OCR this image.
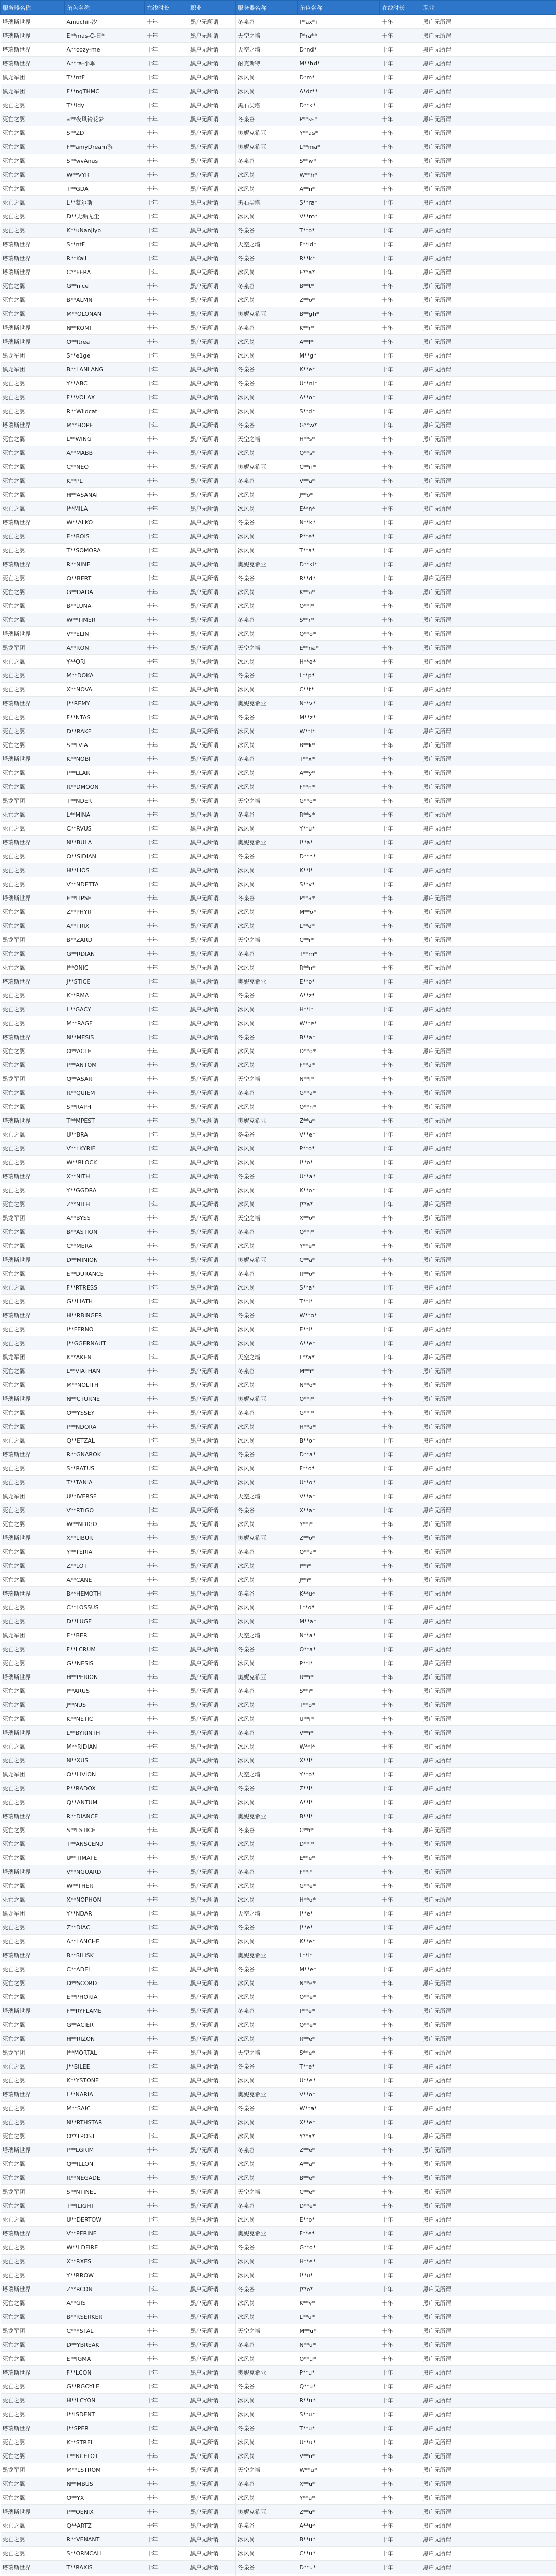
服务器名称	角色名称	在线时长	职业	服务器名称	角色名称	在线时长	职业
塔瑞斯世界	Amuchii-汐	十年	黑户无所谓	冬泉谷	P*ax*i	十年	黑户无所谓
塔瑞斯世界	E**mas-C-日*	十年	黑户无所谓	天空之墙	P*ra**	十年	黑户无所谓
塔瑞斯世界	A**cozy-me	十年	黑户无所谓	天空之墙	D*nd*	十年	黑户无所谓
塔瑞斯世界	A**ra-小乖	十年	黑户无所谓	耐克斯特	M**hd*	十年	黑户无所谓
黑龙军团	T**ntF	十年	黑户无所谓	冰风岗	D*m*	十年	黑户无所谓
黑龙军团	F**ngTHMC	十年	黑户无所谓	冰风岗	A*dr**	十年	黑户无所谓
死亡之翼	T**idy	十年	黑户无所谓	黑石尖塔	D**k*	十年	黑户无所谓
死亡之翼	a**夜风铃花梦	十年	黑户无所谓	冬泉谷	P**ss*	十年	黑户无所谓
死亡之翼	S**ZD	十年	黑户无所谓	奥妮克希亚	Y**as*	十年	黑户无所谓
死亡之翼	F**amyDream游	十年	黑户无所谓	奥妮克希亚	L**ma*	十年	黑户无所谓
死亡之翼	S**wvAnus	十年	黑户无所谓	冬泉谷	S**w*	十年	黑户无所谓
死亡之翼	W**VYR	十年	黑户无所谓	冰风岗	W**h*	十年	黑户无所谓
死亡之翼	T**GDA	十年	黑户无所谓	冰风岗	A**n*	十年	黑户无所谓
死亡之翼	L**蒙尔斯	十年	黑户无所谓	黑石尖塔	S**ra*	十年	黑户无所谓
死亡之翼	D**无垢无尘	十年	黑户无所谓	冰风岗	V**ro*	十年	黑户无所谓
死亡之翼	K**uNanJiyo	十年	黑户无所谓	冬泉谷	T**o*	十年	黑户无所谓
塔瑞斯世界	S**ntF	十年	黑户无所谓	天空之墙	F**ld*	十年	黑户无所谓
塔瑞斯世界	R**Kali	十年	黑户无所谓	冬泉谷	R**k*	十年	黑户无所谓
塔瑞斯世界	C**FERA	十年	黑户无所谓	冰风岗	E**a*	十年	黑户无所谓
死亡之翼	G**nice	十年	黑户无所谓	冬泉谷	B**t*	十年	黑户无所谓
死亡之翼	B**ALMN	十年	黑户无所谓	冰风岗	Z**o*	十年	黑户无所谓
死亡之翼	M**OLONAN	十年	黑户无所谓	奥妮克希亚	B**gh*	十年	黑户无所谓
塔瑞斯世界	N**KOMI	十年	黑户无所谓	冬泉谷	K**r*	十年	黑户无所谓
塔瑞斯世界	O**ltrea	十年	黑户无所谓	冰风岗	A**l*	十年	黑户无所谓
黑龙军团	S**e1ge	十年	黑户无所谓	冰风岗	M**g*	十年	黑户无所谓
黑龙军团	B**LANLANG	十年	黑户无所谓	冬泉谷	K**e*	十年	黑户无所谓
死亡之翼	Y**ABC	十年	黑户无所谓	冬泉谷	U**ni*	十年	黑户无所谓
死亡之翼	F**VOLAX	十年	黑户无所谓	冰风岗	A**o*	十年	黑户无所谓
死亡之翼	R**Wildcat	十年	黑户无所谓	冰风岗	S**d*	十年	黑户无所谓
塔瑞斯世界	M**HOPE	十年	黑户无所谓	冬泉谷	G**w*	十年	黑户无所谓
死亡之翼	L**WING	十年	黑户无所谓	天空之墙	H**s*	十年	黑户无所谓
死亡之翼	A**MABB	十年	黑户无所谓	冰风岗	Q**s*	十年	黑户无所谓
死亡之翼	C**NEO	十年	黑户无所谓	奥妮克希亚	C**ri*	十年	黑户无所谓
死亡之翼	K**PL	十年	黑户无所谓	冬泉谷	V**a*	十年	黑户无所谓
死亡之翼	H**ASANAI	十年	黑户无所谓	冰风岗	J**o*	十年	黑户无所谓
死亡之翼	I**MILA	十年	黑户无所谓	冰风岗	E**n*	十年	黑户无所谓
塔瑞斯世界	W**ALKO	十年	黑户无所谓	冬泉谷	N**k*	十年	黑户无所谓
死亡之翼	E**BOIS	十年	黑户无所谓	冰风岗	P**e*	十年	黑户无所谓
死亡之翼	T**SOMORA	十年	黑户无所谓	冰风岗	T**a*	十年	黑户无所谓
塔瑞斯世界	R**NINE	十年	黑户无所谓	奥妮克希亚	D**ki*	十年	黑户无所谓
死亡之翼	O**BERT	十年	黑户无所谓	冬泉谷	R**d*	十年	黑户无所谓
死亡之翼	G**DADA	十年	黑户无所谓	冰风岗	K**a*	十年	黑户无所谓
死亡之翼	B**LUNA	十年	黑户无所谓	冰风岗	O**l*	十年	黑户无所谓
死亡之翼	W**TIMER	十年	黑户无所谓	冬泉谷	S**r*	十年	黑户无所谓
塔瑞斯世界	V**ELIN	十年	黑户无所谓	冰风岗	Q**o*	十年	黑户无所谓
黑龙军团	A**RON	十年	黑户无所谓	天空之墙	E**na*	十年	黑户无所谓
死亡之翼	Y**ORI	十年	黑户无所谓	冰风岗	H**e*	十年	黑户无所谓
死亡之翼	M**DOKA	十年	黑户无所谓	冬泉谷	L**p*	十年	黑户无所谓
死亡之翼	X**NOVA	十年	黑户无所谓	冰风岗	C**t*	十年	黑户无所谓
塔瑞斯世界	J**REMY	十年	黑户无所谓	奥妮克希亚	N**v*	十年	黑户无所谓
死亡之翼	F**NTAS	十年	黑户无所谓	冬泉谷	M**z*	十年	黑户无所谓
死亡之翼	D**RAKE	十年	黑户无所谓	冰风岗	W**l*	十年	黑户无所谓
死亡之翼	S**LVIA	十年	黑户无所谓	冰风岗	B**k*	十年	黑户无所谓
塔瑞斯世界	K**NOBI	十年	黑户无所谓	冬泉谷	T**x*	十年	黑户无所谓
死亡之翼	P**LLAR	十年	黑户无所谓	冰风岗	A**y*	十年	黑户无所谓
死亡之翼	R**DMOON	十年	黑户无所谓	冰风岗	F**n*	十年	黑户无所谓
黑龙军团	T**NDER	十年	黑户无所谓	天空之墙	G**o*	十年	黑户无所谓
死亡之翼	L**MINA	十年	黑户无所谓	冬泉谷	R**s*	十年	黑户无所谓
死亡之翼	C**RVUS	十年	黑户无所谓	冰风岗	Y**u*	十年	黑户无所谓
塔瑞斯世界	N**BULA	十年	黑户无所谓	奥妮克希亚	I**a*	十年	黑户无所谓
死亡之翼	O**SIDIAN	十年	黑户无所谓	冬泉谷	D**n*	十年	黑户无所谓
死亡之翼	H**LIOS	十年	黑户无所谓	冰风岗	K**i*	十年	黑户无所谓
死亡之翼	V**NDETTA	十年	黑户无所谓	冰风岗	S**v*	十年	黑户无所谓
塔瑞斯世界	E**LIPSE	十年	黑户无所谓	冬泉谷	P**a*	十年	黑户无所谓
死亡之翼	Z**PHYR	十年	黑户无所谓	冰风岗	M**o*	十年	黑户无所谓
死亡之翼	A**TRIX	十年	黑户无所谓	冰风岗	L**e*	十年	黑户无所谓
黑龙军团	B**ZARD	十年	黑户无所谓	天空之墙	C**r*	十年	黑户无所谓
死亡之翼	G**RDIAN	十年	黑户无所谓	冬泉谷	T**m*	十年	黑户无所谓
死亡之翼	I**ONIC	十年	黑户无所谓	冰风岗	R**n*	十年	黑户无所谓
塔瑞斯世界	J**STICE	十年	黑户无所谓	奥妮克希亚	E**o*	十年	黑户无所谓
死亡之翼	K**RMA	十年	黑户无所谓	冬泉谷	A**z*	十年	黑户无所谓
死亡之翼	L**GACY	十年	黑户无所谓	冰风岗	H**i*	十年	黑户无所谓
死亡之翼	M**RAGE	十年	黑户无所谓	冰风岗	W**e*	十年	黑户无所谓
塔瑞斯世界	N**MESIS	十年	黑户无所谓	冬泉谷	B**a*	十年	黑户无所谓
死亡之翼	O**ACLE	十年	黑户无所谓	冰风岗	D**o*	十年	黑户无所谓
死亡之翼	P**ANTOM	十年	黑户无所谓	冰风岗	F**a*	十年	黑户无所谓
黑龙军团	Q**ASAR	十年	黑户无所谓	天空之墙	N**i*	十年	黑户无所谓
死亡之翼	R**QUIEM	十年	黑户无所谓	冬泉谷	G**a*	十年	黑户无所谓
死亡之翼	S**RAPH	十年	黑户无所谓	冰风岗	O**n*	十年	黑户无所谓
塔瑞斯世界	T**MPEST	十年	黑户无所谓	奥妮克希亚	Z**a*	十年	黑户无所谓
死亡之翼	U**BRA	十年	黑户无所谓	冬泉谷	V**e*	十年	黑户无所谓
死亡之翼	V**LKYRIE	十年	黑户无所谓	冰风岗	P**o*	十年	黑户无所谓
死亡之翼	W**RLOCK	十年	黑户无所谓	冰风岗	I**o*	十年	黑户无所谓
塔瑞斯世界	X**NITH	十年	黑户无所谓	冬泉谷	U**a*	十年	黑户无所谓
死亡之翼	Y**GGDRA	十年	黑户无所谓	冰风岗	K**o*	十年	黑户无所谓
死亡之翼	Z**NITH	十年	黑户无所谓	冰风岗	J**a*	十年	黑户无所谓
黑龙军团	A**BYSS	十年	黑户无所谓	天空之墙	X**o*	十年	黑户无所谓
死亡之翼	B**ASTION	十年	黑户无所谓	冬泉谷	Q**i*	十年	黑户无所谓
死亡之翼	C**MERA	十年	黑户无所谓	冰风岗	Y**e*	十年	黑户无所谓
塔瑞斯世界	D**MINION	十年	黑户无所谓	奥妮克希亚	C**a*	十年	黑户无所谓
死亡之翼	E**DURANCE	十年	黑户无所谓	冬泉谷	R**o*	十年	黑户无所谓
死亡之翼	F**RTRESS	十年	黑户无所谓	冰风岗	S**a*	十年	黑户无所谓
死亡之翼	G**LIATH	十年	黑户无所谓	冰风岗	T**i*	十年	黑户无所谓
塔瑞斯世界	H**RBINGER	十年	黑户无所谓	冬泉谷	W**o*	十年	黑户无所谓
死亡之翼	I**FERNO	十年	黑户无所谓	冰风岗	E**i*	十年	黑户无所谓
死亡之翼	J**GGERNAUT	十年	黑户无所谓	冰风岗	A**e*	十年	黑户无所谓
黑龙军团	K**AKEN	十年	黑户无所谓	天空之墙	L**a*	十年	黑户无所谓
死亡之翼	L**VIATHAN	十年	黑户无所谓	冬泉谷	M**i*	十年	黑户无所谓
死亡之翼	M**NOLITH	十年	黑户无所谓	冰风岗	N**o*	十年	黑户无所谓
塔瑞斯世界	N**CTURNE	十年	黑户无所谓	奥妮克希亚	O**i*	十年	黑户无所谓
死亡之翼	O**YSSEY	十年	黑户无所谓	冬泉谷	G**i*	十年	黑户无所谓
死亡之翼	P**NDORA	十年	黑户无所谓	冰风岗	H**a*	十年	黑户无所谓
死亡之翼	Q**ETZAL	十年	黑户无所谓	冰风岗	B**o*	十年	黑户无所谓
塔瑞斯世界	R**GNAROK	十年	黑户无所谓	冬泉谷	D**a*	十年	黑户无所谓
死亡之翼	S**RATUS	十年	黑户无所谓	冰风岗	F**o*	十年	黑户无所谓
死亡之翼	T**TANIA	十年	黑户无所谓	冰风岗	U**o*	十年	黑户无所谓
黑龙军团	U**IVERSE	十年	黑户无所谓	天空之墙	V**a*	十年	黑户无所谓
死亡之翼	V**RTIGO	十年	黑户无所谓	冬泉谷	X**a*	十年	黑户无所谓
死亡之翼	W**NDIGO	十年	黑户无所谓	冰风岗	Y**i*	十年	黑户无所谓
塔瑞斯世界	X**LIBUR	十年	黑户无所谓	奥妮克希亚	Z**o*	十年	黑户无所谓
死亡之翼	Y**TERIA	十年	黑户无所谓	冬泉谷	Q**a*	十年	黑户无所谓
死亡之翼	Z**LOT	十年	黑户无所谓	冰风岗	I**i*	十年	黑户无所谓
死亡之翼	A**CANE	十年	黑户无所谓	冰风岗	J**i*	十年	黑户无所谓
塔瑞斯世界	B**HEMOTH	十年	黑户无所谓	冬泉谷	K**u*	十年	黑户无所谓
死亡之翼	C**LOSSUS	十年	黑户无所谓	冰风岗	L**o*	十年	黑户无所谓
死亡之翼	D**LUGE	十年	黑户无所谓	冰风岗	M**a*	十年	黑户无所谓
黑龙军团	E**BER	十年	黑户无所谓	天空之墙	N**a*	十年	黑户无所谓
死亡之翼	F**LCRUM	十年	黑户无所谓	冬泉谷	O**a*	十年	黑户无所谓
死亡之翼	G**NESIS	十年	黑户无所谓	冰风岗	P**i*	十年	黑户无所谓
塔瑞斯世界	H**PERION	十年	黑户无所谓	奥妮克希亚	R**i*	十年	黑户无所谓
死亡之翼	I**ARUS	十年	黑户无所谓	冬泉谷	S**i*	十年	黑户无所谓
死亡之翼	J**NUS	十年	黑户无所谓	冰风岗	T**o*	十年	黑户无所谓
死亡之翼	K**NETIC	十年	黑户无所谓	冰风岗	U**i*	十年	黑户无所谓
塔瑞斯世界	L**BYRINTH	十年	黑户无所谓	冬泉谷	V**i*	十年	黑户无所谓
死亡之翼	M**RIDIAN	十年	黑户无所谓	冰风岗	W**i*	十年	黑户无所谓
死亡之翼	N**XUS	十年	黑户无所谓	冰风岗	X**i*	十年	黑户无所谓
黑龙军团	O**LIVION	十年	黑户无所谓	天空之墙	Y**o*	十年	黑户无所谓
死亡之翼	P**RADOX	十年	黑户无所谓	冬泉谷	Z**i*	十年	黑户无所谓
死亡之翼	Q**ANTUM	十年	黑户无所谓	冰风岗	A**i*	十年	黑户无所谓
塔瑞斯世界	R**DIANCE	十年	黑户无所谓	奥妮克希亚	B**i*	十年	黑户无所谓
死亡之翼	S**LSTICE	十年	黑户无所谓	冬泉谷	C**i*	十年	黑户无所谓
死亡之翼	T**ANSCEND	十年	黑户无所谓	冰风岗	D**i*	十年	黑户无所谓
死亡之翼	U**TIMATE	十年	黑户无所谓	冰风岗	E**e*	十年	黑户无所谓
塔瑞斯世界	V**NGUARD	十年	黑户无所谓	冬泉谷	F**i*	十年	黑户无所谓
死亡之翼	W**THER	十年	黑户无所谓	冰风岗	G**e*	十年	黑户无所谓
死亡之翼	X**NOPHON	十年	黑户无所谓	冰风岗	H**o*	十年	黑户无所谓
黑龙军团	Y**NDAR	十年	黑户无所谓	天空之墙	I**e*	十年	黑户无所谓
死亡之翼	Z**DIAC	十年	黑户无所谓	冬泉谷	J**e*	十年	黑户无所谓
死亡之翼	A**LANCHE	十年	黑户无所谓	冰风岗	K**e*	十年	黑户无所谓
塔瑞斯世界	B**SILISK	十年	黑户无所谓	奥妮克希亚	L**i*	十年	黑户无所谓
死亡之翼	C**ADEL	十年	黑户无所谓	冬泉谷	M**e*	十年	黑户无所谓
死亡之翼	D**SCORD	十年	黑户无所谓	冰风岗	N**e*	十年	黑户无所谓
死亡之翼	E**PHORIA	十年	黑户无所谓	冰风岗	O**e*	十年	黑户无所谓
塔瑞斯世界	F**RYFLAME	十年	黑户无所谓	冬泉谷	P**e*	十年	黑户无所谓
死亡之翼	G**ACIER	十年	黑户无所谓	冰风岗	Q**e*	十年	黑户无所谓
死亡之翼	H**RIZON	十年	黑户无所谓	冰风岗	R**e*	十年	黑户无所谓
黑龙军团	I**MORTAL	十年	黑户无所谓	天空之墙	S**e*	十年	黑户无所谓
死亡之翼	J**BILEE	十年	黑户无所谓	冬泉谷	T**e*	十年	黑户无所谓
死亡之翼	K**YSTONE	十年	黑户无所谓	冰风岗	U**e*	十年	黑户无所谓
塔瑞斯世界	L**NARIA	十年	黑户无所谓	奥妮克希亚	V**o*	十年	黑户无所谓
死亡之翼	M**SAIC	十年	黑户无所谓	冬泉谷	W**a*	十年	黑户无所谓
死亡之翼	N**RTHSTAR	十年	黑户无所谓	冰风岗	X**e*	十年	黑户无所谓
死亡之翼	O**TPOST	十年	黑户无所谓	冰风岗	Y**a*	十年	黑户无所谓
塔瑞斯世界	P**LGRIM	十年	黑户无所谓	冬泉谷	Z**e*	十年	黑户无所谓
死亡之翼	Q**ILLON	十年	黑户无所谓	冰风岗	A**a*	十年	黑户无所谓
死亡之翼	R**NEGADE	十年	黑户无所谓	冰风岗	B**e*	十年	黑户无所谓
黑龙军团	S**NTINEL	十年	黑户无所谓	天空之墙	C**e*	十年	黑户无所谓
死亡之翼	T**ILIGHT	十年	黑户无所谓	冬泉谷	D**e*	十年	黑户无所谓
死亡之翼	U**DERTOW	十年	黑户无所谓	冰风岗	E**o*	十年	黑户无所谓
塔瑞斯世界	V**PERINE	十年	黑户无所谓	奥妮克希亚	F**e*	十年	黑户无所谓
死亡之翼	W**LDFIRE	十年	黑户无所谓	冬泉谷	G**o*	十年	黑户无所谓
死亡之翼	X**RXES	十年	黑户无所谓	冰风岗	H**e*	十年	黑户无所谓
死亡之翼	Y**RROW	十年	黑户无所谓	冰风岗	I**u*	十年	黑户无所谓
塔瑞斯世界	Z**RCON	十年	黑户无所谓	冬泉谷	J**o*	十年	黑户无所谓
死亡之翼	A**GIS	十年	黑户无所谓	冰风岗	K**y*	十年	黑户无所谓
死亡之翼	B**RSERKER	十年	黑户无所谓	冰风岗	L**u*	十年	黑户无所谓
黑龙军团	C**YSTAL	十年	黑户无所谓	天空之墙	M**u*	十年	黑户无所谓
死亡之翼	D**YBREAK	十年	黑户无所谓	冬泉谷	N**u*	十年	黑户无所谓
死亡之翼	E**IGMA	十年	黑户无所谓	冰风岗	O**u*	十年	黑户无所谓
塔瑞斯世界	F**LCON	十年	黑户无所谓	奥妮克希亚	P**u*	十年	黑户无所谓
死亡之翼	G**RGOYLE	十年	黑户无所谓	冬泉谷	Q**u*	十年	黑户无所谓
死亡之翼	H**LCYON	十年	黑户无所谓	冰风岗	R**u*	十年	黑户无所谓
死亡之翼	I**ISDENT	十年	黑户无所谓	冰风岗	S**u*	十年	黑户无所谓
塔瑞斯世界	J**SPER	十年	黑户无所谓	冬泉谷	T**u*	十年	黑户无所谓
死亡之翼	K**STREL	十年	黑户无所谓	冰风岗	U**u*	十年	黑户无所谓
死亡之翼	L**NCELOT	十年	黑户无所谓	冰风岗	V**u*	十年	黑户无所谓
黑龙军团	M**LSTROM	十年	黑户无所谓	天空之墙	W**u*	十年	黑户无所谓
死亡之翼	N**MBUS	十年	黑户无所谓	冬泉谷	X**u*	十年	黑户无所谓
死亡之翼	O**YX	十年	黑户无所谓	冰风岗	Y**u*	十年	黑户无所谓
塔瑞斯世界	P**OENIX	十年	黑户无所谓	奥妮克希亚	Z**u*	十年	黑户无所谓
死亡之翼	Q**ARTZ	十年	黑户无所谓	冬泉谷	A**u*	十年	黑户无所谓
死亡之翼	R**VENANT	十年	黑户无所谓	冰风岗	B**u*	十年	黑户无所谓
死亡之翼	S**ORMCALL	十年	黑户无所谓	冰风岗	C**u*	十年	黑户无所谓
塔瑞斯世界	T**RAXIS	十年	黑户无所谓	冬泉谷	D**u*	十年	黑户无所谓
